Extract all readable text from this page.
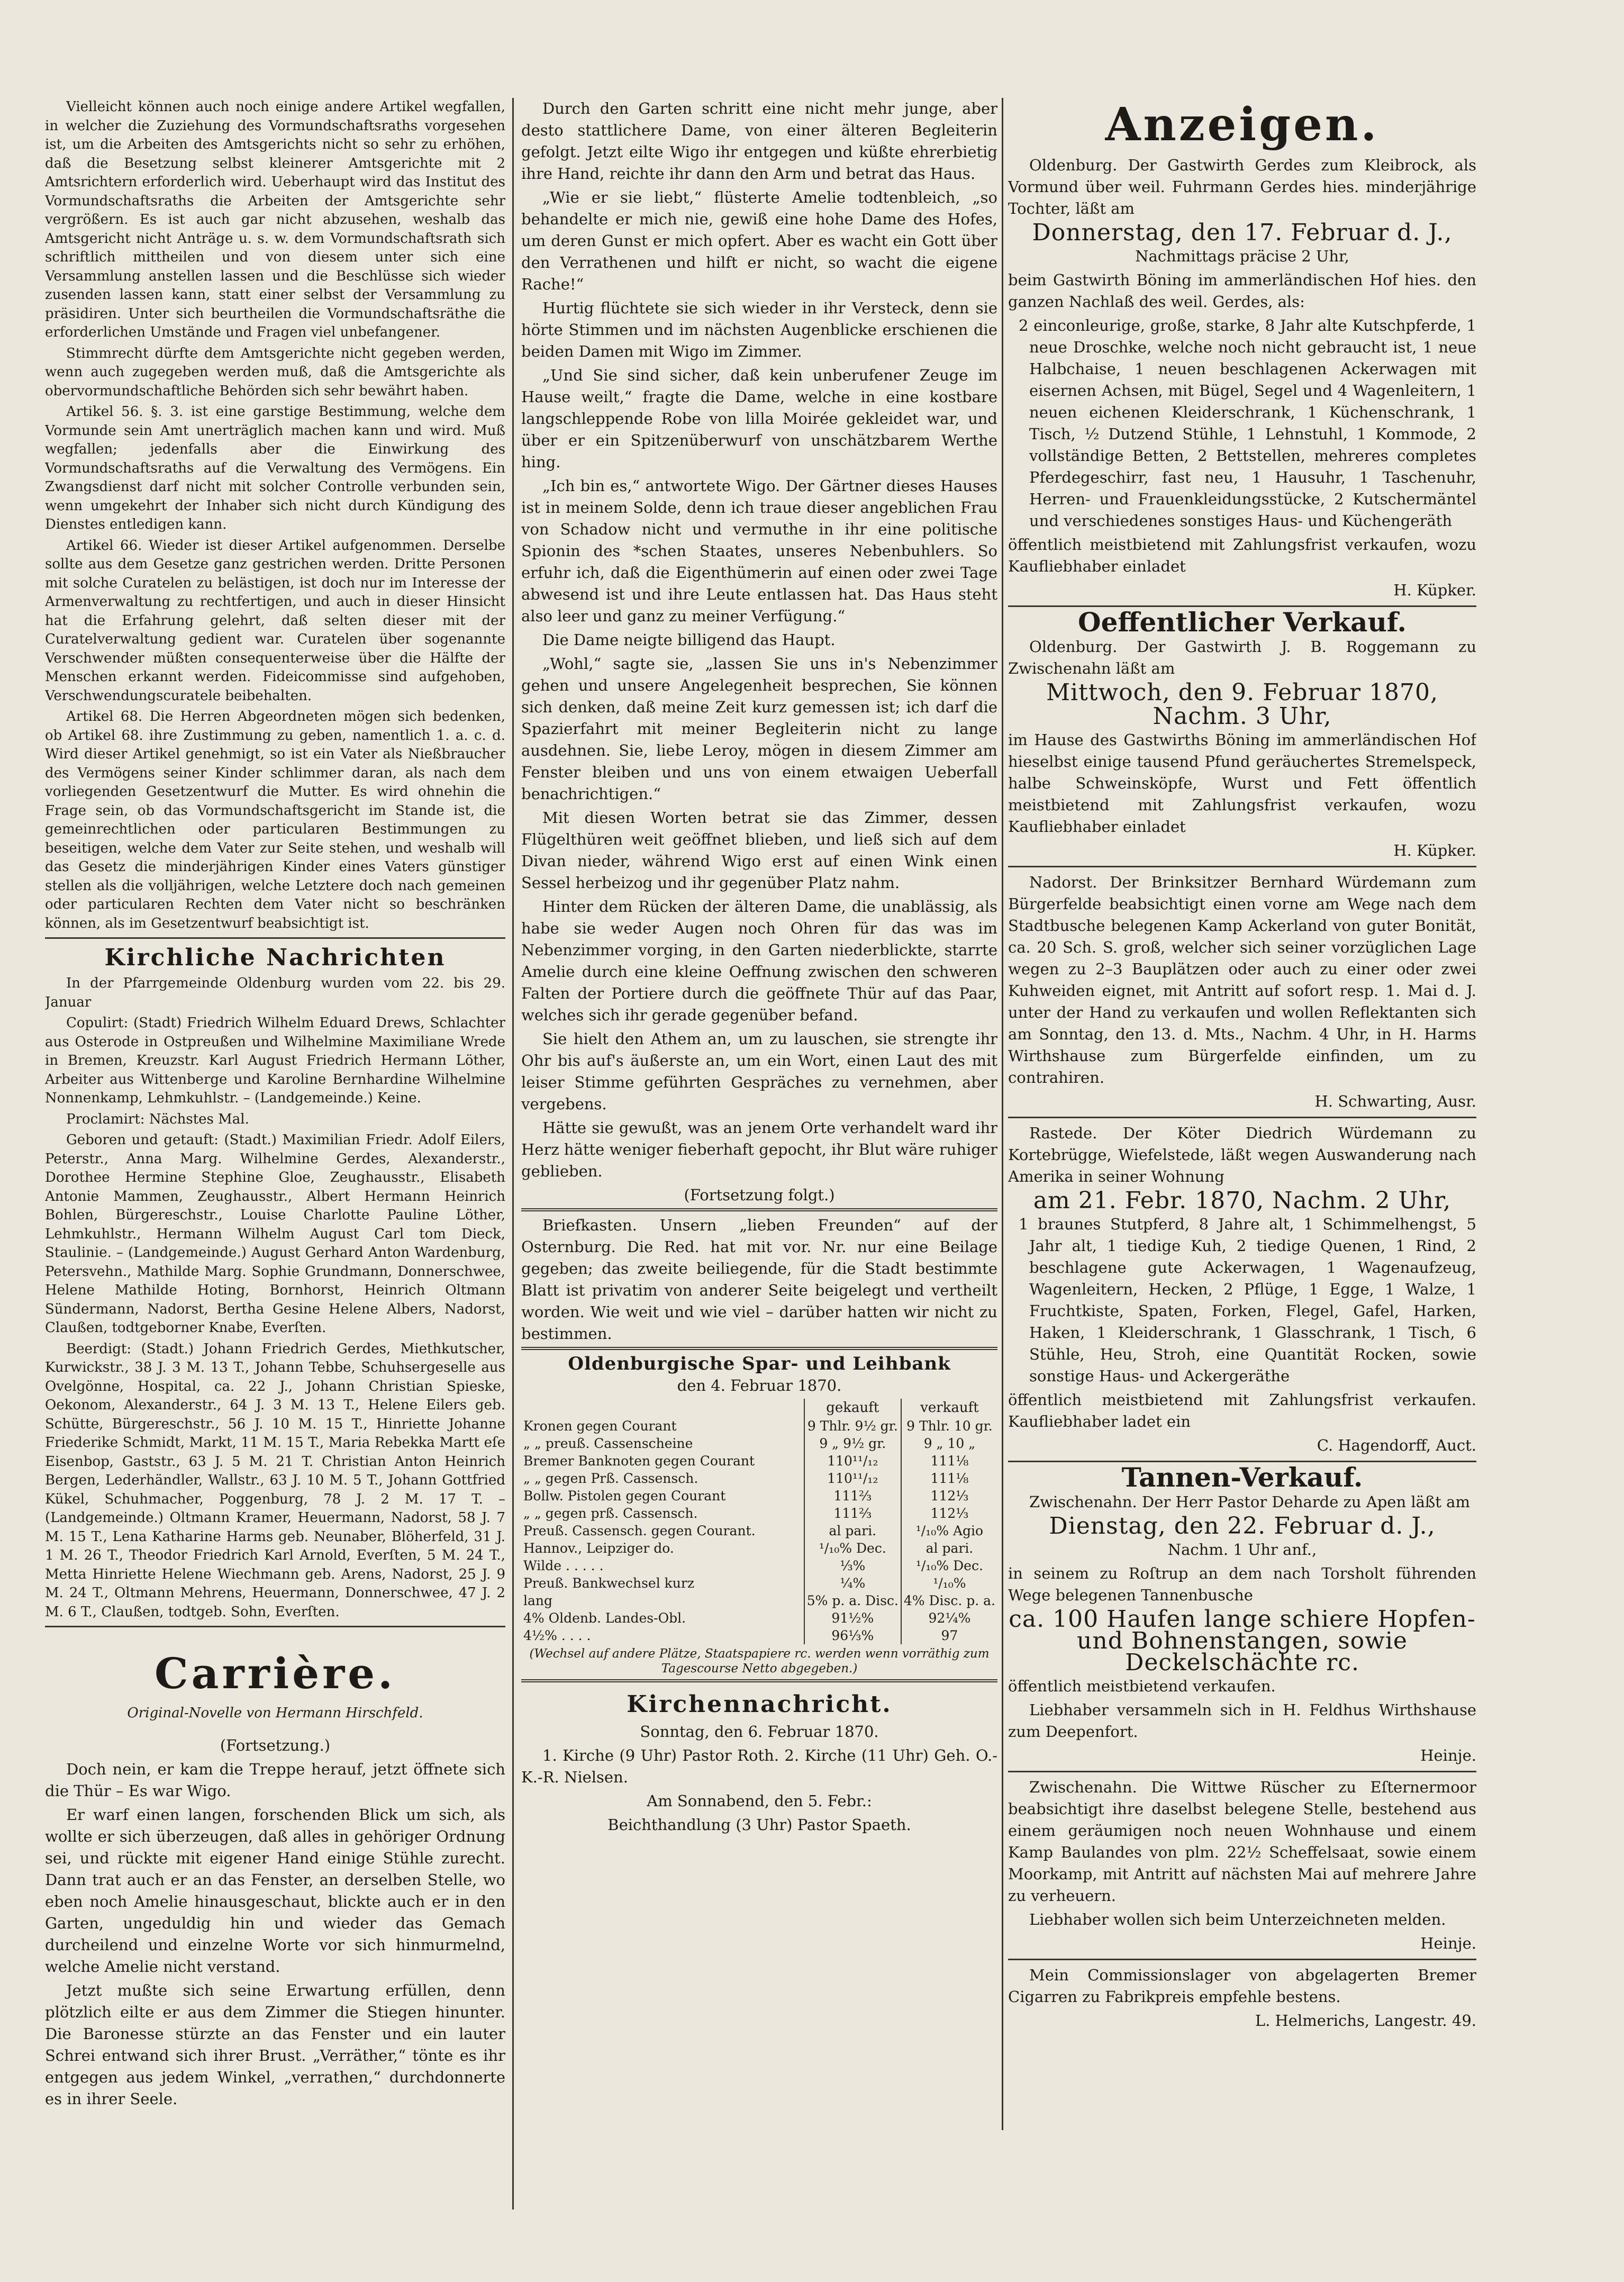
Vielleicht können auch noch einige andere Artikel wegfallen, in welcher die Zuziehung des Vormundschaftsraths vorgesehen ist, um die Arbeiten des Amtsgerichts nicht so sehr zu erhöhen, daß die Besetzung selbst kleinerer Amtsgerichte mit 2 Amtsrichtern erforderlich wird. Ueberhaupt wird das Institut des Vormundschaftsraths die Arbeiten der Amtsgerichte sehr vergrößern. Es ist auch gar nicht abzusehen, weshalb das Amtsgericht nicht Anträge u. s. w. dem Vormundschaftsrath sich schriftlich mittheilen und von diesem unter sich eine Versammlung anstellen lassen und die Beschlüsse sich wieder zusenden lassen kann, statt einer selbst der Versammlung zu präsidiren. Unter sich beurtheilen die Vormundschaftsräthe die erforderlichen Umstände und Fragen viel unbefangener.

Stimmrecht dürfte dem Amtsgerichte nicht gegeben werden, wenn auch zugegeben werden muß, daß die Amtsgerichte als obervormundschaftliche Behörden sich sehr bewährt haben.

Artikel 56. §. 3. ist eine garstige Bestimmung, welche dem Vormunde sein Amt unerträglich machen kann und wird. Muß wegfallen; jedenfalls aber die Einwirkung des Vormundschaftsraths auf die Verwaltung des Vermögens. Ein Zwangsdienst darf nicht mit solcher Controlle verbunden sein, wenn umgekehrt der Inhaber sich nicht durch Kündigung des Dienstes entledigen kann.

Artikel 66. Wieder ist dieser Artikel aufgenommen. Derselbe sollte aus dem Gesetze ganz gestrichen werden. Dritte Personen mit solche Curatelen zu belästigen, ist doch nur im Interesse der Armenverwaltung zu rechtfertigen, und auch in dieser Hinsicht hat die Erfahrung gelehrt, daß selten dieser mit der Curatelverwaltung gedient war. Curatelen über sogenannte Verschwender müßten consequenterweise über die Hälfte der Menschen erkannt werden. Fideicommisse sind aufgehoben, Verschwendungscuratele beibehalten.

Artikel 68. Die Herren Abgeordneten mögen sich bedenken, ob Artikel 68. ihre Zustimmung zu geben, namentlich 1. a. c. d. Wird dieser Artikel genehmigt, so ist ein Vater als Nießbraucher des Vermögens seiner Kinder schlimmer daran, als nach dem vorliegenden Gesetzentwurf die Mutter. Es wird ohnehin die Frage sein, ob das Vormundschaftsgericht im Stande ist, die gemeinrechtlichen oder particularen Bestimmungen zu beseitigen, welche dem Vater zur Seite stehen, und weshalb will das Gesetz die minderjährigen Kinder eines Vaters günstiger stellen als die volljährigen, welche Letztere doch nach gemeinen oder particularen Rechten dem Vater nicht so beschränken können, als im Gesetzentwurf beabsichtigt ist.

Kirchliche Nachrichten

In der Pfarrgemeinde Oldenburg wurden vom 22. bis 29. Januar

Copulirt: (Stadt) Friedrich Wilhelm Eduard Drews, Schlachter aus Osterode in Ostpreußen und Wilhelmine Maximiliane Wrede in Bremen, Kreuzstr. Karl August Friedrich Hermann Löther, Arbeiter aus Wittenberge und Karoline Bernhardine Wilhelmine Nonnenkamp, Lehmkuhlstr. – (Landgemeinde.) Keine.

Proclamirt: Nächstes Mal.

Geboren und getauft: (Stadt.) Maximilian Friedr. Adolf Eilers, Peterstr., Anna Marg. Wilhelmine Gerdes, Alexanderstr., Dorothee Hermine Stephine Gloe, Zeughausstr., Elisabeth Antonie Mammen, Zeughausstr., Albert Hermann Heinrich Bohlen, Bürgereschstr., Louise Charlotte Pauline Löther, Lehmkuhlstr., Hermann Wilhelm August Carl tom Dieck, Staulinie. – (Landgemeinde.) August Gerhard Anton Wardenburg, Petersvehn., Mathilde Marg. Sophie Grundmann, Donnerschwee, Helene Mathilde Hoting, Bornhorst, Heinrich Oltmann Sündermann, Nadorst, Bertha Gesine Helene Albers, Nadorst, Claußen, todtgeborner Knabe, Everſten.

Beerdigt: (Stadt.) Johann Friedrich Gerdes, Miethkutscher, Kurwickstr., 38 J. 3 M. 13 T., Johann Tebbe, Schuhsergeselle aus Ovelgönne, Hospital, ca. 22 J., Johann Christian Spieske, Oekonom, Alexanderstr., 64 J. 3 M. 13 T., Helene Eilers geb. Schütte, Bürgereschstr., 56 J. 10 M. 15 T., Hinriette Johanne Friederike Schmidt, Markt, 11 M. 15 T., Maria Rebekka Martt eſe Eisenbop, Gaststr., 63 J. 5 M. 21 T. Christian Anton Heinrich Bergen, Lederhändler, Wallstr., 63 J. 10 M. 5 T., Johann Gottfried Kükel, Schuhmacher, Poggenburg, 78 J. 2 M. 17 T. – (Landgemeinde.) Oltmann Kramer, Heuermann, Nadorst, 58 J. 7 M. 15 T., Lena Katharine Harms geb. Neunaber, Blöherfeld, 31 J. 1 M. 26 T., Theodor Friedrich Karl Arnold, Everſten, 5 M. 24 T., Metta Hinriette Helene Wiechmann geb. Arens, Nadorst, 25 J. 9 M. 24 T., Oltmann Mehrens, Heuermann, Donnerschwee, 47 J. 2 M. 6 T., Claußen, todtgeb. Sohn, Everſten.

Carrière.

Original-Novelle von Hermann Hirschfeld.

(Fortsetzung.)

Doch nein, er kam die Treppe herauf, jetzt öffnete sich die Thür – Es war Wigo.

Er warf einen langen, forschenden Blick um sich, als wollte er sich überzeugen, daß alles in gehöriger Ordnung sei, und rückte mit eigener Hand einige Stühle zurecht. Dann trat auch er an das Fenster, an derselben Stelle, wo eben noch Amelie hinausgeschaut, blickte auch er in den Garten, ungeduldig hin und wieder das Gemach durcheilend und einzelne Worte vor sich hinmurmelnd, welche Amelie nicht verstand.

Jetzt mußte sich seine Erwartung erfüllen, denn plötzlich eilte er aus dem Zimmer die Stiegen hinunter. Die Baronesse stürzte an das Fenster und ein lauter Schrei entwand sich ihrer Brust. „Verräther,“ tönte es ihr entgegen aus jedem Winkel, „verrathen,“ durchdonnerte es in ihrer Seele.

Durch den Garten schritt eine nicht mehr junge, aber desto stattlichere Dame, von einer älteren Begleiterin gefolgt. Jetzt eilte Wigo ihr entgegen und küßte ehrerbietig ihre Hand, reichte ihr dann den Arm und betrat das Haus.

„Wie er sie liebt,“ flüsterte Amelie todtenbleich, „so behandelte er mich nie, gewiß eine hohe Dame des Hofes, um deren Gunst er mich opfert. Aber es wacht ein Gott über den Verrathenen und hilft er nicht, so wacht die eigene Rache!“

Hurtig flüchtete sie sich wieder in ihr Versteck, denn sie hörte Stimmen und im nächsten Augenblicke erschienen die beiden Damen mit Wigo im Zimmer.

„Und Sie sind sicher, daß kein unberufener Zeuge im Hause weilt,“ fragte die Dame, welche in eine kostbare langschleppende Robe von lilla Moirée gekleidet war, und über er ein Spitzenüberwurf von unschätzbarem Werthe hing.

„Ich bin es,“ antwortete Wigo. Der Gärtner dieses Hauses ist in meinem Solde, denn ich traue dieser angeblichen Frau von Schadow nicht und vermuthe in ihr eine politische Spionin des *schen Staates, unseres Nebenbuhlers. So erfuhr ich, daß die Eigenthümerin auf einen oder zwei Tage abwesend ist und ihre Leute entlassen hat. Das Haus steht also leer und ganz zu meiner Verfügung.“

Die Dame neigte billigend das Haupt.

„Wohl,“ sagte sie, „lassen Sie uns in's Nebenzimmer gehen und unsere Angelegenheit besprechen, Sie können sich denken, daß meine Zeit kurz gemessen ist; ich darf die Spazierfahrt mit meiner Begleiterin nicht zu lange ausdehnen. Sie, liebe Leroy, mögen in diesem Zimmer am Fenster bleiben und uns von einem etwaigen Ueberfall benachrichtigen.“

Mit diesen Worten betrat sie das Zimmer, dessen Flügelthüren weit geöffnet blieben, und ließ sich auf dem Divan nieder, während Wigo erst auf einen Wink einen Sessel herbeizog und ihr gegenüber Platz nahm.

Hinter dem Rücken der älteren Dame, die unablässig, als habe sie weder Augen noch Ohren für das was im Nebenzimmer vorging, in den Garten niederblickte, starrte Amelie durch eine kleine Oeffnung zwischen den schweren Falten der Portiere durch die geöffnete Thür auf das Paar, welches sich ihr gerade gegenüber befand.

Sie hielt den Athem an, um zu lauschen, sie strengte ihr Ohr bis auf's äußerste an, um ein Wort, einen Laut des mit leiser Stimme geführten Gespräches zu vernehmen, aber vergebens.

Hätte sie gewußt, was an jenem Orte verhandelt ward ihr Herz hätte weniger fieberhaft gepocht, ihr Blut wäre ruhiger geblieben.

(Fortsetzung folgt.)

Briefkasten. Unsern „lieben Freunden“ auf der Osternburg. Die Red. hat mit vor. Nr. nur eine Beilage gegeben; das zweite beiliegende, für die Stadt bestimmte Blatt ist privatim von anderer Seite beigelegt und vertheilt worden. Wie weit und wie viel – darüber hatten wir nicht zu bestimmen.

Oldenburgische Spar- und Leihbank

den 4. Februar 1870.

	gekauft	verkauft
Kronen gegen Courant	9 Thlr. 9½ gr.	9 Thlr. 10 gr.
„ „ preuß. Cassenscheine	9 „ 9½ gr.	9 „ 10 „
Bremer Banknoten gegen Courant	110¹¹/₁₂	111⅛
„ „ gegen Prß. Cassensch.	110¹¹/₁₂	111⅛
Bollw. Pistolen gegen Courant	111⅔	112⅓
„ „ gegen prß. Cassensch.	111⅔	112⅓
Preuß. Cassensch. gegen Courant.	al pari.	¹/₁₀% Agio
Hannov., Leipziger do.	¹/₁₀% Dec.	al pari.
Wilde . . . . .	⅓%	¹/₁₀% Dec.
Preuß. Bankwechsel kurz	¼%	¹/₁₀%
lang	5% p. a. Disc.	4% Disc. p. a.
4% Oldenb. Landes-Obl.	91½%	92¼%
4½% . . . .	96⅓%	97

(Wechsel auf andere Plätze, Staatspapiere rc. werden wenn vorräthig zum Tagescourse Netto abgegeben.)

Kirchennachricht.

Sonntag, den 6. Februar 1870.

1. Kirche (9 Uhr) Pastor Roth. 2. Kirche (11 Uhr) Geh. O.-K.-R. Nielsen.

Am Sonnabend, den 5. Febr.:

Beichthandlung (3 Uhr) Pastor Spaeth.

Anzeigen.

Oldenburg. Der Gastwirth Gerdes zum Kleibrock, als Vormund über weil. Fuhrmann Gerdes hies. minderjährige Tochter, läßt am

Donnerstag, den 17. Februar d. J.,

Nachmittags präcise 2 Uhr,

beim Gastwirth Böning im ammerländischen Hof hies. den ganzen Nachlaß des weil. Gerdes, als:

2 einconleurige, große, starke, 8 Jahr alte Kutschpferde, 1 neue Droschke, welche noch nicht gebraucht ist, 1 neue Halbchaise, 1 neuen beschlagenen Ackerwagen mit eisernen Achsen, mit Bügel, Segel und 4 Wagenleitern, 1 neuen eichenen Kleiderschrank, 1 Küchenschrank, 1 Tisch, ½ Dutzend Stühle, 1 Lehnstuhl, 1 Kommode, 2 vollständige Betten, 2 Bettstellen, mehreres completes Pferdegeschirr, fast neu, 1 Hausuhr, 1 Taschenuhr, Herren- und Frauenkleidungsstücke, 2 Kutschermäntel und verschiedenes sonstiges Haus- und Küchengeräth

öffentlich meistbietend mit Zahlungsfrist verkaufen, wozu Kaufliebhaber einladet

H. Küpker.

Oeffentlicher Verkauf.

Oldenburg. Der Gastwirth J. B. Roggemann zu Zwischenahn läßt am

Mittwoch, den 9. Februar 1870,

Nachm. 3 Uhr,

im Hause des Gastwirths Böning im ammerländischen Hof hieselbst einige tausend Pfund geräuchertes Stremelspeck, halbe Schweinsköpfe, Wurst und Fett öffentlich meistbietend mit Zahlungsfrist verkaufen, wozu Kaufliebhaber einladet

H. Küpker.

Nadorst. Der Brinksitzer Bernhard Würdemann zum Bürgerfelde beabsichtigt einen vorne am Wege nach dem Stadtbusche belegenen Kamp Ackerland von guter Bonität, ca. 20 Sch. S. groß, welcher sich seiner vorzüglichen Lage wegen zu 2–3 Bauplätzen oder auch zu einer oder zwei Kuhweiden eignet, mit Antritt auf sofort resp. 1. Mai d. J. unter der Hand zu verkaufen und wollen Reflektanten sich am Sonntag, den 13. d. Mts., Nachm. 4 Uhr, in H. Harms Wirthshause zum Bürgerfelde einfinden, um zu contrahiren.

H. Schwarting, Ausr.

Rastede. Der Köter Diedrich Würdemann zu Kortebrügge, Wiefelstede, läßt wegen Auswanderung nach Amerika in seiner Wohnung

am 21. Febr. 1870, Nachm. 2 Uhr,

1 braunes Stutpferd, 8 Jahre alt, 1 Schimmelhengst, 5 Jahr alt, 1 tiedige Kuh, 2 tiedige Quenen, 1 Rind, 2 beschlagene gute Ackerwagen, 1 Wagenaufzeug, Wagenleitern, Hecken, 2 Pflüge, 1 Egge, 1 Walze, 1 Fruchtkiste, Spaten, Forken, Flegel, Gafel, Harken, Haken, 1 Kleiderschrank, 1 Glasschrank, 1 Tisch, 6 Stühle, Heu, Stroh, eine Quantität Rocken, sowie sonstige Haus- und Ackergeräthe

öffentlich meistbietend mit Zahlungsfrist verkaufen. Kaufliebhaber ladet ein

C. Hagendorff, Auct.

Tannen-Verkauf.

Zwischenahn. Der Herr Pastor Deharde zu Apen läßt am

Dienstag, den 22. Februar d. J.,

Nachm. 1 Uhr anf.,

in seinem zu Roſtrup an dem nach Torsholt führenden Wege belegenen Tannenbusche

ca. 100 Haufen lange schiere Hopfen- und Bohnenstangen, sowie Deckelschächte rc.

öffentlich meistbietend verkaufen.

Liebhaber versammeln sich in H. Feldhus Wirthshause zum Deepenfort.

Heinje.

Zwischenahn. Die Wittwe Rüscher zu Eſternermoor beabsichtigt ihre daselbst belegene Stelle, bestehend aus einem geräumigen noch neuen Wohnhause und einem Kamp Baulandes von plm. 22½ Scheffelsaat, sowie einem Moorkamp, mit Antritt auf nächsten Mai auf mehrere Jahre zu verheuern.

Liebhaber wollen sich beim Unterzeichneten melden.

Heinje.

Mein Commissionslager von abgelagerten Bremer Cigarren zu Fabrikpreis empfehle bestens.

L. Helmerichs, Langestr. 49.
